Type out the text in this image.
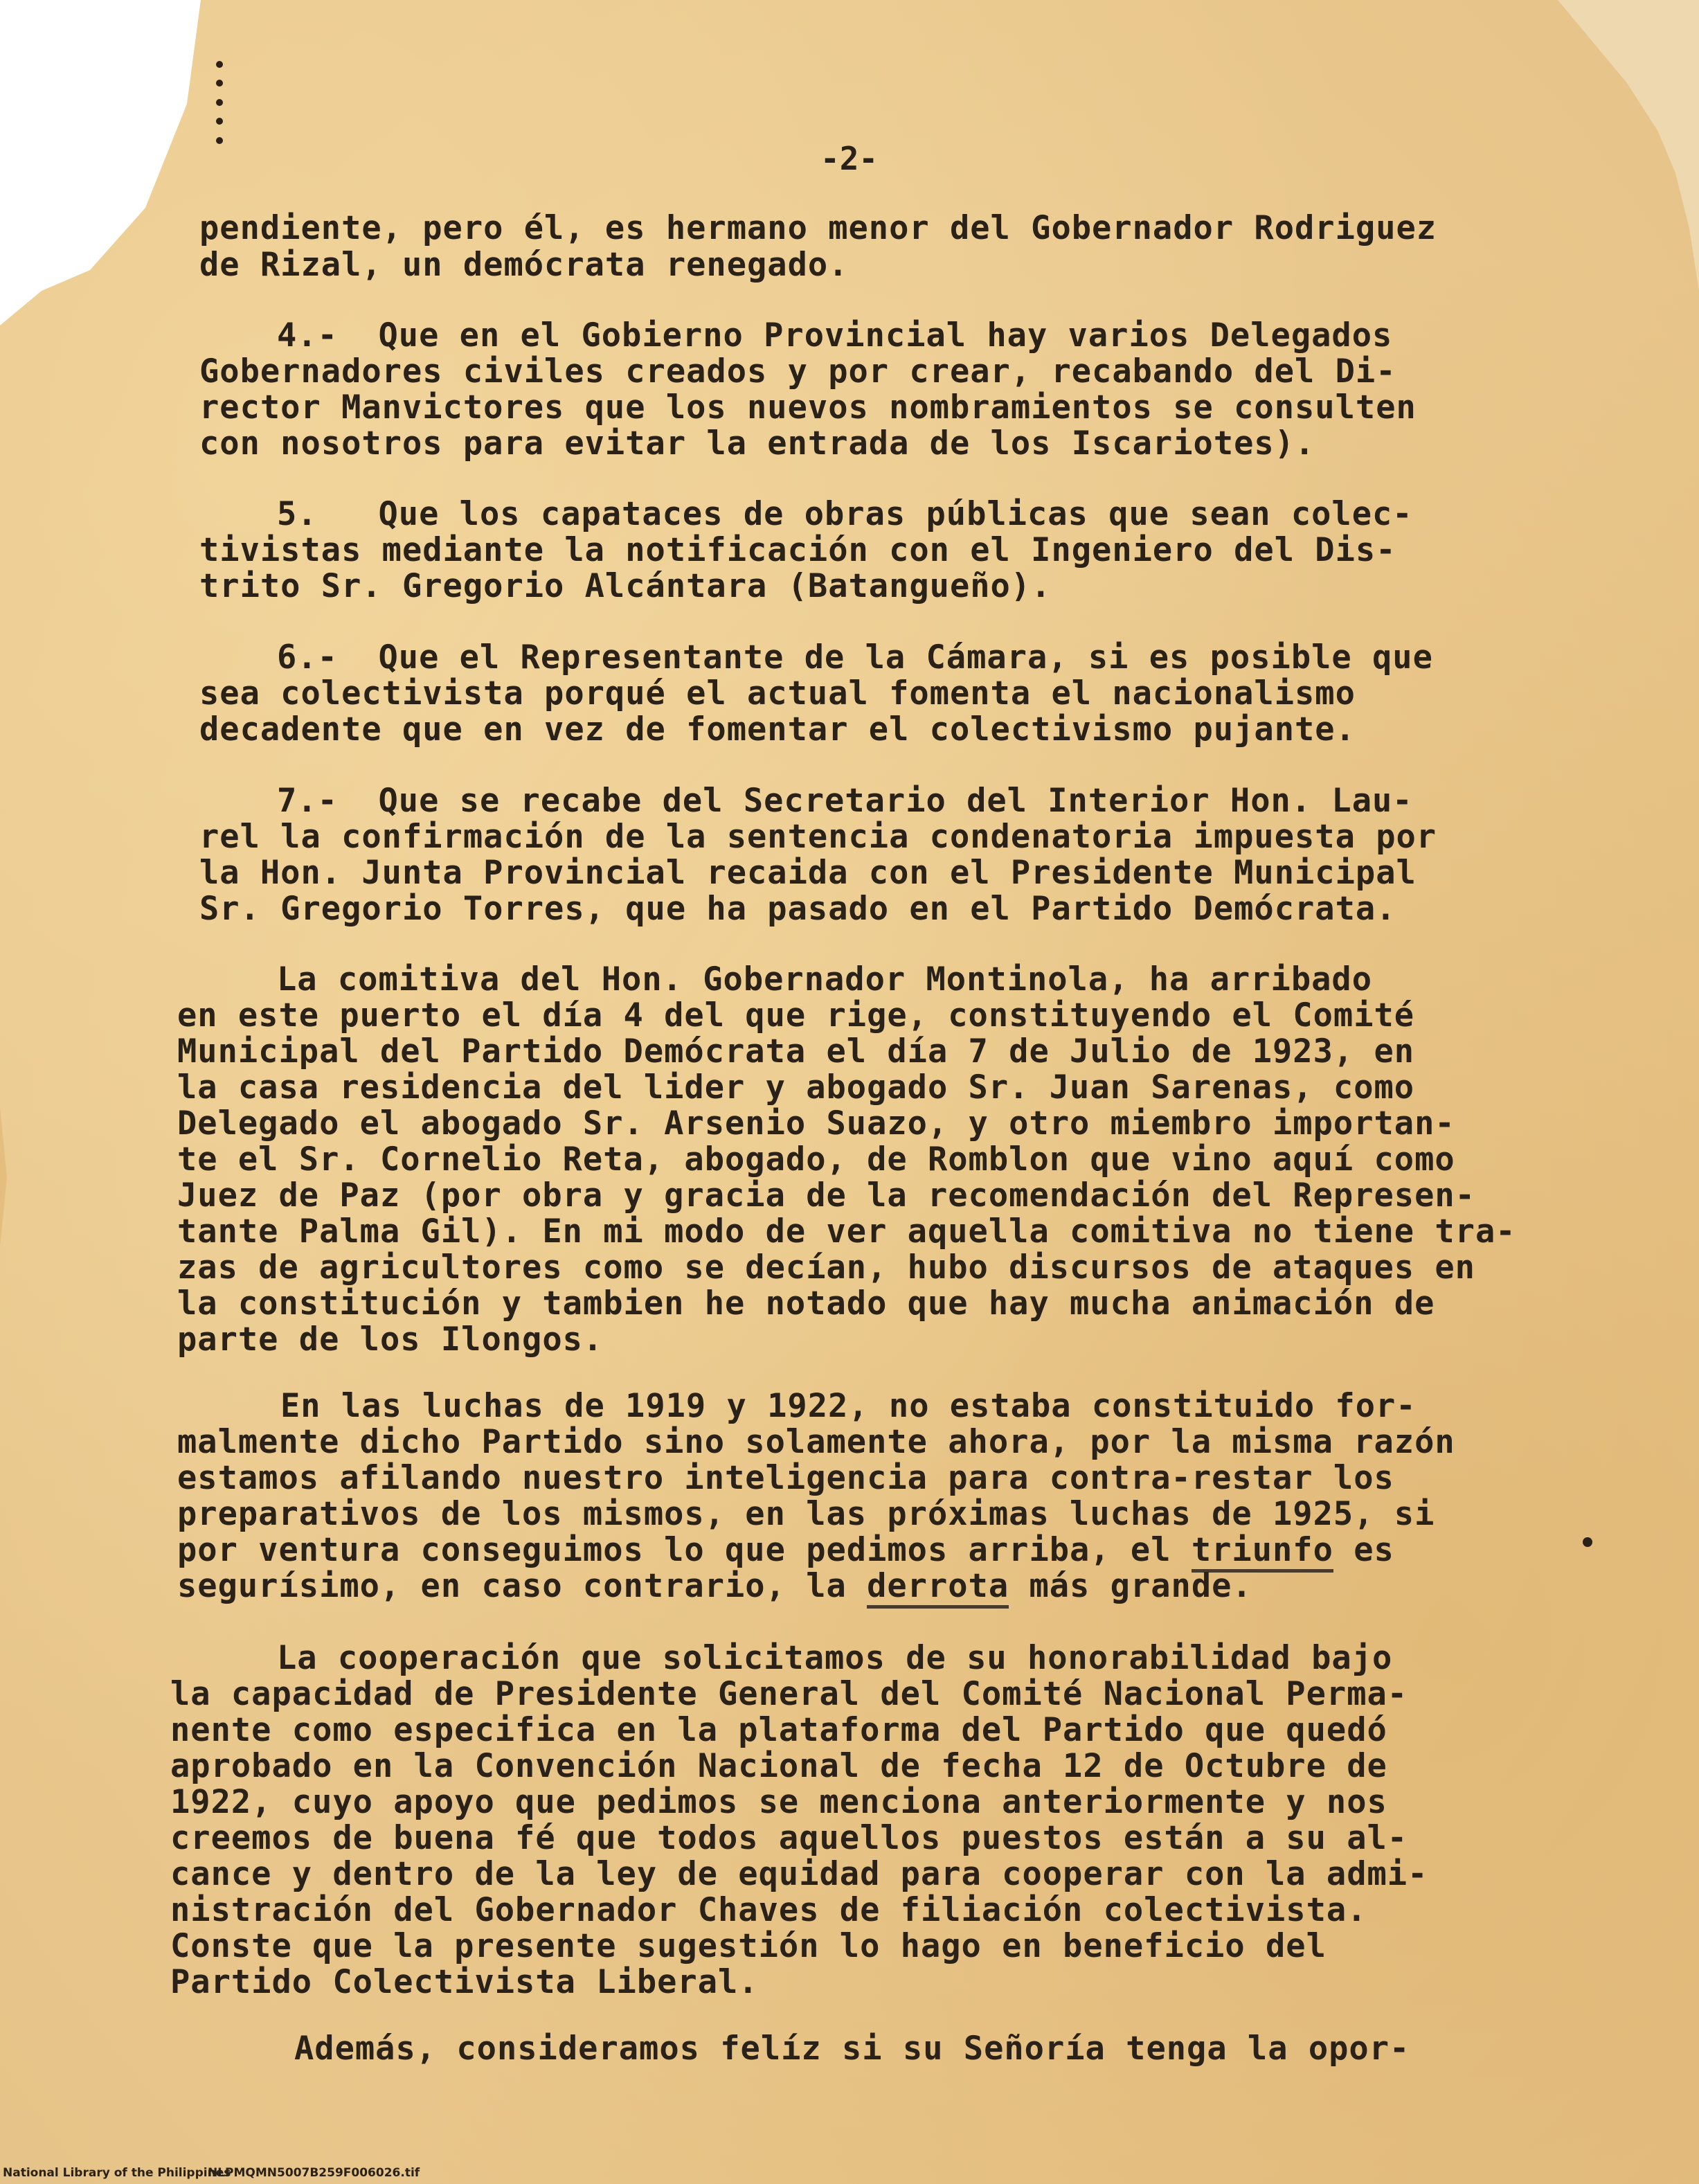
-2-
pendiente, pero él, es hermano menor del Gobernador Rodriguez
de Rizal, un demócrata renegado.
4.-  Que en el Gobierno Provincial hay varios Delegados
Gobernadores civiles creados y por crear, recabando del Di-
rector Manvictores que los nuevos nombramientos se consulten
con nosotros para evitar la entrada de los Iscariotes).
5.   Que los capataces de obras públicas que sean colec-
tivistas mediante la notificación con el Ingeniero del Dis-
trito Sr. Gregorio Alcántara (Batangueño).
6.-  Que el Representante de la Cámara, si es posible que
sea colectivista porqué el actual fomenta el nacionalismo
decadente que en vez de fomentar el colectivismo pujante.
7.-  Que se recabe del Secretario del Interior Hon. Lau-
rel la confirmación de la sentencia condenatoria impuesta por
la Hon. Junta Provincial recaida con el Presidente Municipal
Sr. Gregorio Torres, que ha pasado en el Partido Demócrata.
La comitiva del Hon. Gobernador Montinola, ha arribado
en este puerto el día 4 del que rige, constituyendo el Comité
Municipal del Partido Demócrata el día 7 de Julio de 1923, en
la casa residencia del lider y abogado Sr. Juan Sarenas, como
Delegado el abogado Sr. Arsenio Suazo, y otro miembro importan-
te el Sr. Cornelio Reta, abogado, de Romblon que vino aquí como
Juez de Paz (por obra y gracia de la recomendación del Represen-
tante Palma Gil). En mi modo de ver aquella comitiva no tiene tra-
zas de agricultores como se decían, hubo discursos de ataques en
la constitución y tambien he notado que hay mucha animación de
parte de los Ilongos.
En las luchas de 1919 y 1922, no estaba constituido for-
malmente dicho Partido sino solamente ahora, por la misma razón
estamos afilando nuestro inteligencia para contra-restar los
preparativos de los mismos, en las próximas luchas de 1925, si
por ventura conseguimos lo que pedimos arriba, el triunfo es
segurísimo, en caso contrario, la derrota más grande.
La cooperación que solicitamos de su honorabilidad bajo
la capacidad de Presidente General del Comité Nacional Perma-
nente como especifica en la plataforma del Partido que quedó
aprobado en la Convención Nacional de fecha 12 de Octubre de
1922, cuyo apoyo que pedimos se menciona anteriormente y nos
creemos de buena fé que todos aquellos puestos están a su al-
cance y dentro de la ley de equidad para cooperar con la admi-
nistración del Gobernador Chaves de filiación colectivista.
Conste que la presente sugestión lo hago en beneficio del
Partido Colectivista Liberal.
Además, consideramos felíz si su Señoría tenga la opor-
National Library of the Philippines
NLPMQMN5007B259F006026.tif
